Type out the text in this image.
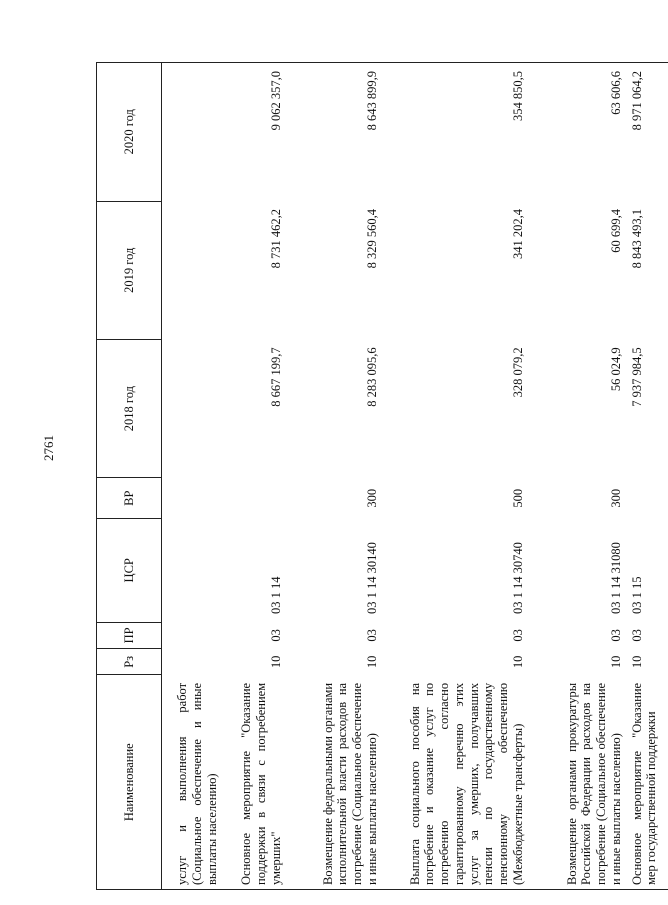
2761
Наименование	Рз	ПР	ЦСР	ВР	2018 год	2019 год	2020 год
услуг и выполнения работ (Социальное обеспечение и иные выплаты населению)							
Основное мероприятие "Оказание поддержки в связи с погребением умерших"	10	03	03 1 14		8 667 199,7	8 731 462,2	9 062 357,0
Возмещение федеральными органами исполнительной власти расходов на погребение (Социальное обеспечение и иные выплаты населению)	10	03	03 1 14 30140	300	8 283 095,6	8 329 560,4	8 643 899,9
Выплата социального пособия на погребение и оказание услуг по погребению согласно гарантированному перечню этих услуг за умерших, получавших пенсии по государственному пенсионному обеспечению (Межбюджетные трансферты)	10	03	03 1 14 30740	500	328 079,2	341 202,4	354 850,5
Возмещение органами прокуратуры Российской Федерации расходов на погребение (Социальное обеспечение и иные выплаты населению)	10	03	03 1 14 31080	300	56 024,9	60 699,4	63 606,6
Основное мероприятие "Оказание мер государственной поддержки	10	03	03 1 15		7 937 984,5	8 843 493,1	8 971 064,2
